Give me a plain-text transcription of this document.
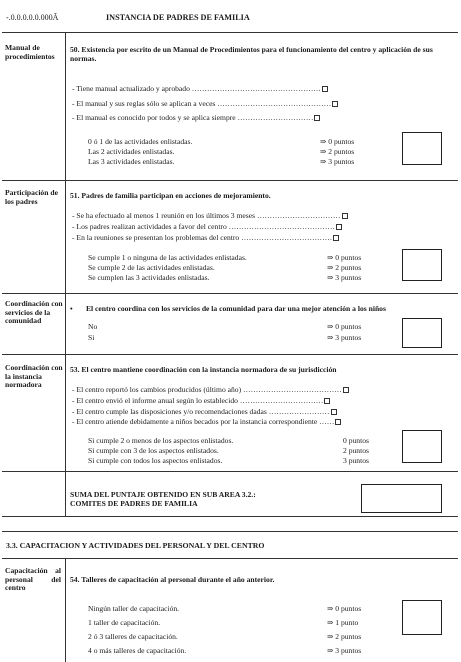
-.0.0.0.0.0.000Ã	INSTANCIA DE PADRES DE FAMILIA
Manual de procedimientos
50. Existencia por escrito de un Manual de Procedimientos para el funcionamiento del centro y aplicación de sus normas.
- Tiene manual actualizado y aprobado ……………………………………………
- El manual y sus reglas sólo se aplican a veces ………………………………………
- El manual es conocido por todos y se aplica siempre …………………………
0 ó 1 de las actividades enlistadas.
Las 2 actividades enlistadas.
Las 3 actividades enlistadas.
⇒ 0 puntos
⇒ 2 puntos
⇒ 3 puntos
Participación de los padres
51. Padres de familia participan en acciones de mejoramiento.
- Se ha efectuado al menos 1 reunión en los últimos 3 meses ……………………………
- Los padres realizan actividades a favor del centro ……………………………………
- En la reuniones se presentan los problemas del centro ………………………………
Se cumple 1 o ninguna de las actividades enlistadas.
Se cumple 2 de las actividades enlistadas.
Se cumplen las 3 actividades enlistadas.
⇒ 0 puntos
⇒ 2 puntos
⇒ 3 puntos
Coordinación con servicios de la comunidad
•       El centro coordina con los servicios de la comunidad para dar una mejor atención a los niños
No
Si
⇒ 0 puntos
⇒ 3 puntos
Coordinación con la instancia normadora
53. El centro mantiene coordinación con la instancia normadora de su jurisdicción
- El centro reportó los cambios producidos (último año) …………………………………
- El centro envió el informe anual según lo establecido ……………………………
- El centro cumple las disposiciones y/o recomendaciones dadas ……………………
- El centro atiende debidamente a niños becados por la instancia correspondiente ……
Si cumple 2 o menos de los aspectos enlistados.
Si cumple con 3 de los aspectos enlistados.
Si cumple con todos los aspectos enlistados.
0 puntos
2 puntos
3 puntos
SUMA DEL PUNTAJE OBTENIDO EN SUB AREA 3.2.:
COMITES DE PADRES DE FAMILIA
3.3. CAPACITACION Y ACTIVIDADES DEL PERSONAL Y DEL CENTRO
Capacitación al personal del centro
54. Talleres de capacitación al personal durante el año anterior.
Ningún taller de capacitación.
1 taller de capacitación.
2 ó 3 talleres de capacitación.
4 o más talleres de capacitación.
⇒ 0 puntos
⇒ 1 punto
⇒ 2 puntos
⇒ 3 puntos
